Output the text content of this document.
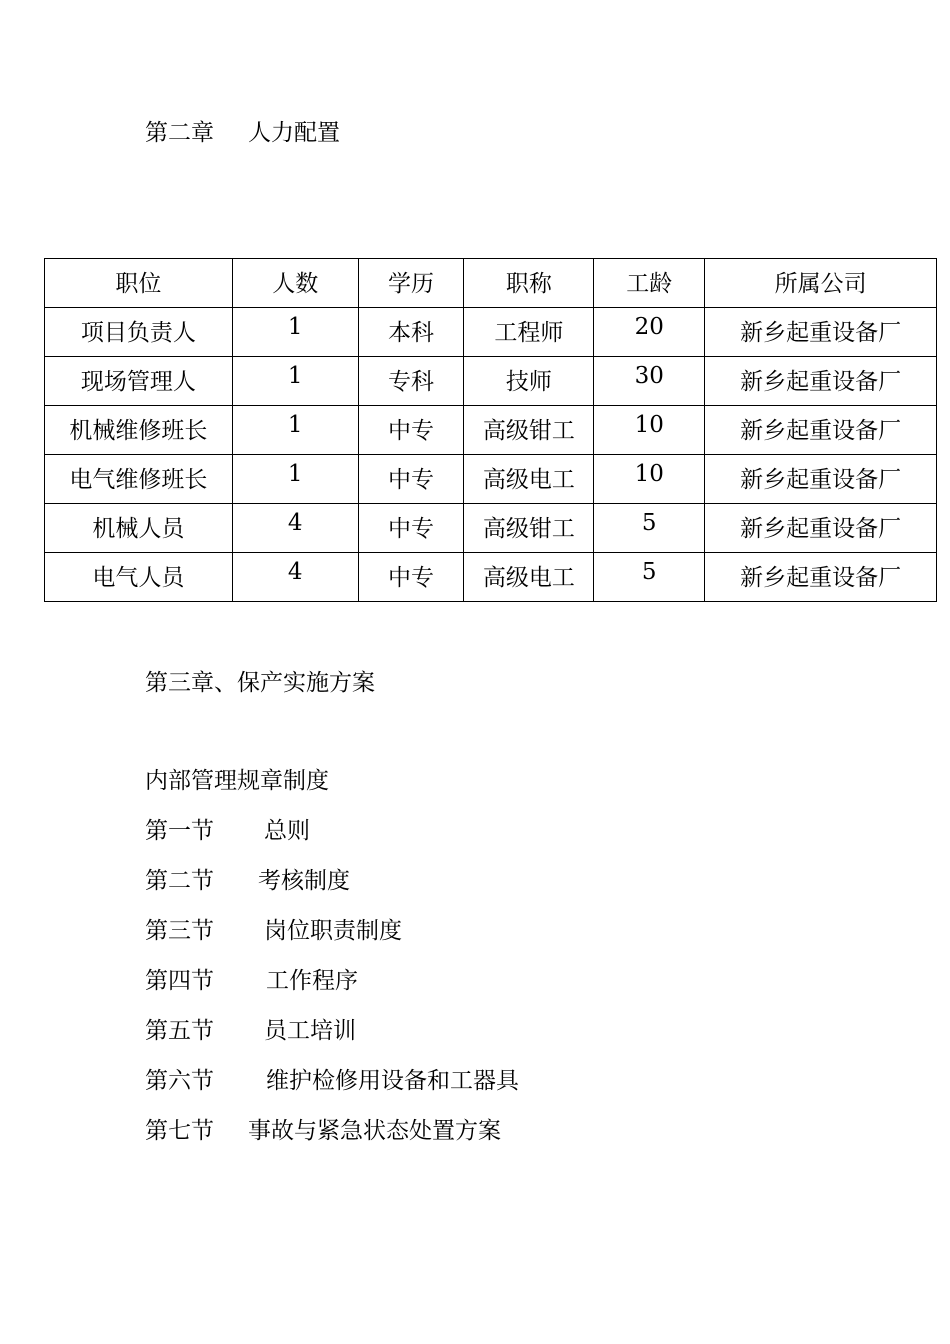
第二章 人力配置
职位	人数	学历	职称	工龄	所属公司
项目负责人	1	本科	工程师	20	新乡起重设备厂
现场管理人	1	专科	技师	30	新乡起重设备厂
机械维修班长	1	中专	高级钳工	10	新乡起重设备厂
电气维修班长	1	中专	高级电工	10	新乡起重设备厂
机械人员	4	中专	高级钳工	5	新乡起重设备厂
电气人员	4	中专	高级电工	5	新乡起重设备厂
第三章、保产实施方案
内部管理规章制度
第一节 总则
第二节 考核制度
第三节 岗位职责制度
第四节 工作程序
第五节 员工培训
第六节 维护检修用设备和工器具
第七节 事故与紧急状态处置方案
